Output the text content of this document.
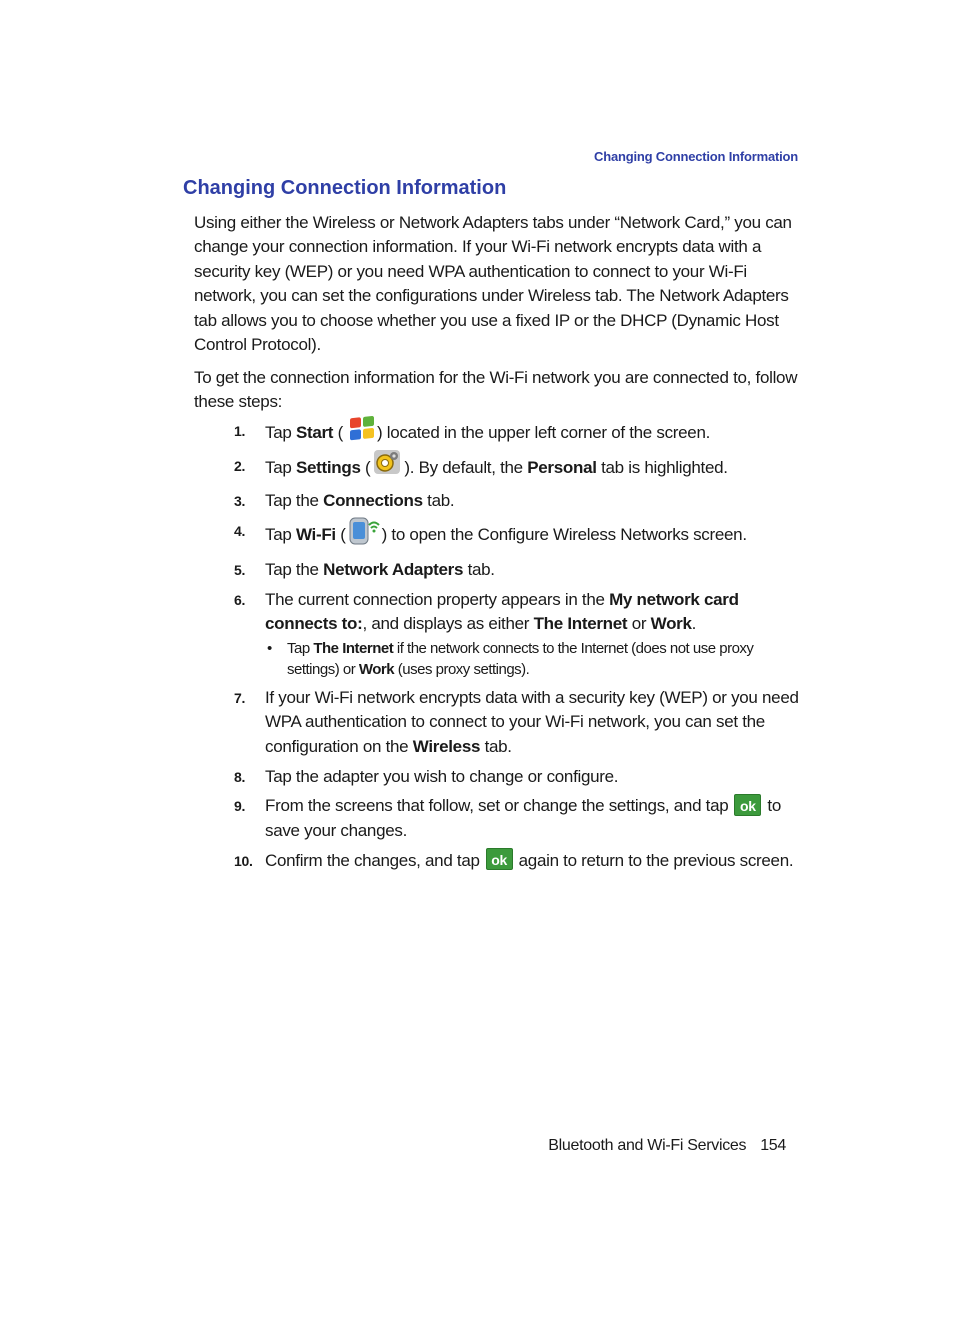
Changing Connection Information
Changing Connection Information

Using either the Wireless or Network Adapters tabs under “Network Card,” you can change your connection information. If your Wi-Fi network encrypts data with a security key (WEP) or you need WPA authentication to connect to your Wi-Fi network, you can set the configurations under Wireless tab. The Network Adapters tab allows you to choose whether you use a fixed IP or the DHCP (Dynamic Host Control Protocol).

To get the connection information for the Wi-Fi network you are connected to, follow these steps:

1. Tap Start ( ) located in the upper left corner of the screen.
2. Tap Settings ( ). By default, the Personal tab is highlighted.
3. Tap the Connections tab.
4. Tap Wi-Fi ( ) to open the Configure Wireless Networks screen.
5. Tap the Network Adapters tab.
6. The current connection property appears in the My network card connects to:, and displays as either The Internet or Work.
• Tap The Internet if the network connects to the Internet (does not use proxy settings) or Work (uses proxy settings).
7. If your Wi-Fi network encrypts data with a security key (WEP) or you need WPA authentication to connect to your Wi-Fi network, you can set the configuration on the Wireless tab.
8. Tap the adapter you wish to change or configure.
9. From the screens that follow, set or change the settings, and tap ok to save your changes.
10. Confirm the changes, and tap ok again to return to the previous screen.
Bluetooth and Wi-Fi Services 154
